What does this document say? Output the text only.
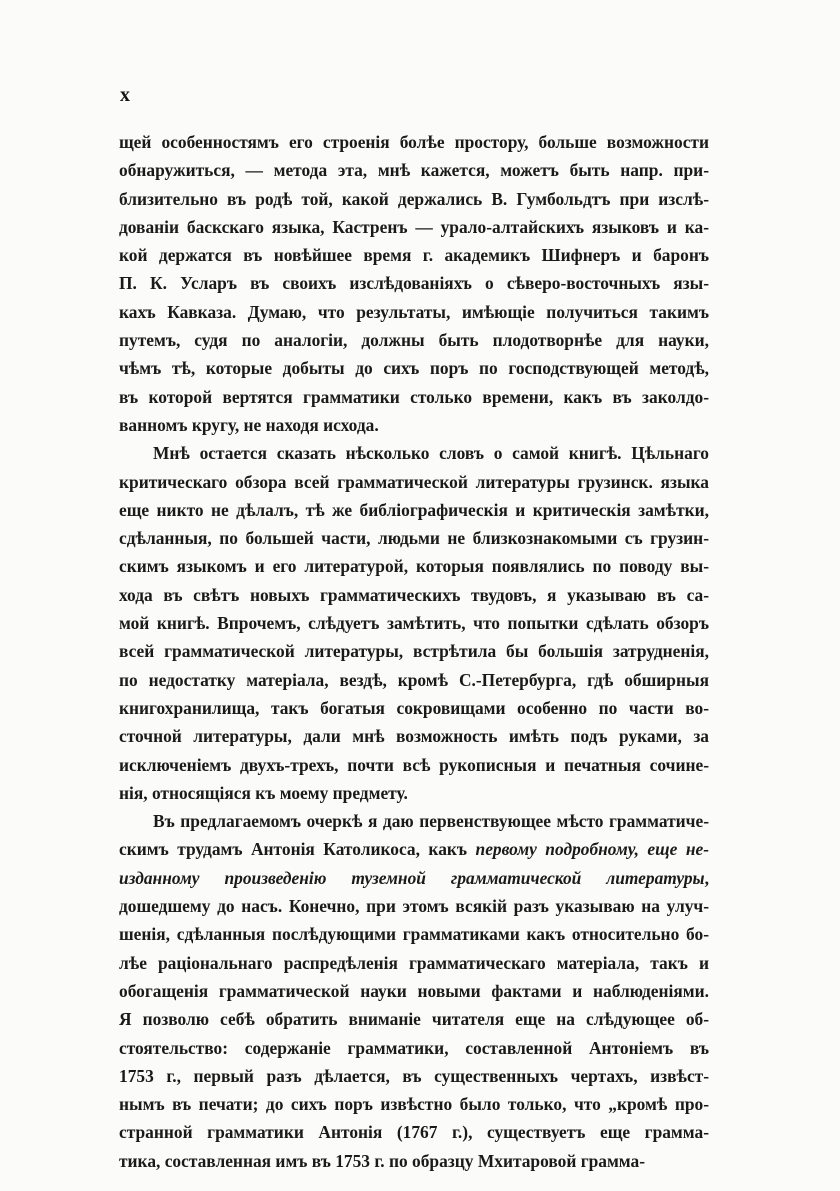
x
щей особенностямъ его строенія болѣе простору, больше возможности
обнаружиться, — метода эта, мнѣ кажется, можетъ быть напр. при-
близительно въ родѣ той, какой держались В. Гумбольдтъ при изслѣ-
дованіи баскскаго языка, Кастренъ — урало-алтайскихъ языковъ и ка-
кой держатся въ новѣйшее время г. академикъ Шифнеръ и баронъ
П. К. Усларъ въ своихъ изслѣдованіяхъ о сѣверо-восточныхъ язы-
кахъ Кавказа. Думаю, что результаты, имѣющіе получиться такимъ
путемъ, судя по аналогіи, должны быть плодотворнѣе для науки,
чѣмъ тѣ, которые добыты до сихъ поръ по господствующей методѣ,
въ которой вертятся грамматики столько времени, какъ въ заколдо-
ванномъ кругу, не находя исхода.
Мнѣ остается сказать нѣсколько словъ о самой книгѣ. Цѣльнаго
критическаго обзора всей грамматической литературы грузинск. языка
еще никто не дѣлалъ, тѣ же библіографическія и критическія замѣтки,
сдѣланныя, по большей части, людьми не близкознакомыми съ грузин-
скимъ языкомъ и его литературой, которыя появлялись по поводу вы-
хода въ свѣтъ новыхъ грамматическихъ твудовъ, я указываю въ са-
мой книгѣ. Впрочемъ, слѣдуетъ замѣтить, что попытки сдѣлать обзоръ
всей грамматической литературы, встрѣтила бы большія затрудненія,
по недостатку матеріала, вездѣ, кромѣ С.-Петербурга, гдѣ обширныя
книгохранилища, такъ богатыя сокровищами особенно по части во-
сточной литературы, дали мнѣ возможность имѣть подъ руками, за
исключеніемъ двухъ-трехъ, почти всѣ рукописныя и печатныя сочине-
нія, относящіяся къ моему предмету.
Въ предлагаемомъ очеркѣ я даю первенствующее мѣсто грамматиче-
скимъ трудамъ Антонія Католикоса, какъ первому подробному, еще не-
изданному произведенію туземной грамматической литературы,
дошедшему до насъ. Конечно, при этомъ всякій разъ указываю на улуч-
шенія, сдѣланныя послѣдующими грамматиками какъ относительно бо-
лѣе раціональнаго распредѣленія грамматическаго матеріала, такъ и
обогащенія грамматической науки новыми фактами и наблюденіями.
Я позволю себѣ обратить вниманіе читателя еще на слѣдующее об-
стоятельство: содержаніе грамматики, составленной Антоніемъ въ
1753 г., первый разъ дѣлается, въ существенныхъ чертахъ, извѣст-
нымъ въ печати; до сихъ поръ извѣстно было только, что „кромѣ про-
странной грамматики Антонія (1767 г.), существуетъ еще грамма-
тика, составленная имъ въ 1753 г. по образцу Мхитаровой грамма-
